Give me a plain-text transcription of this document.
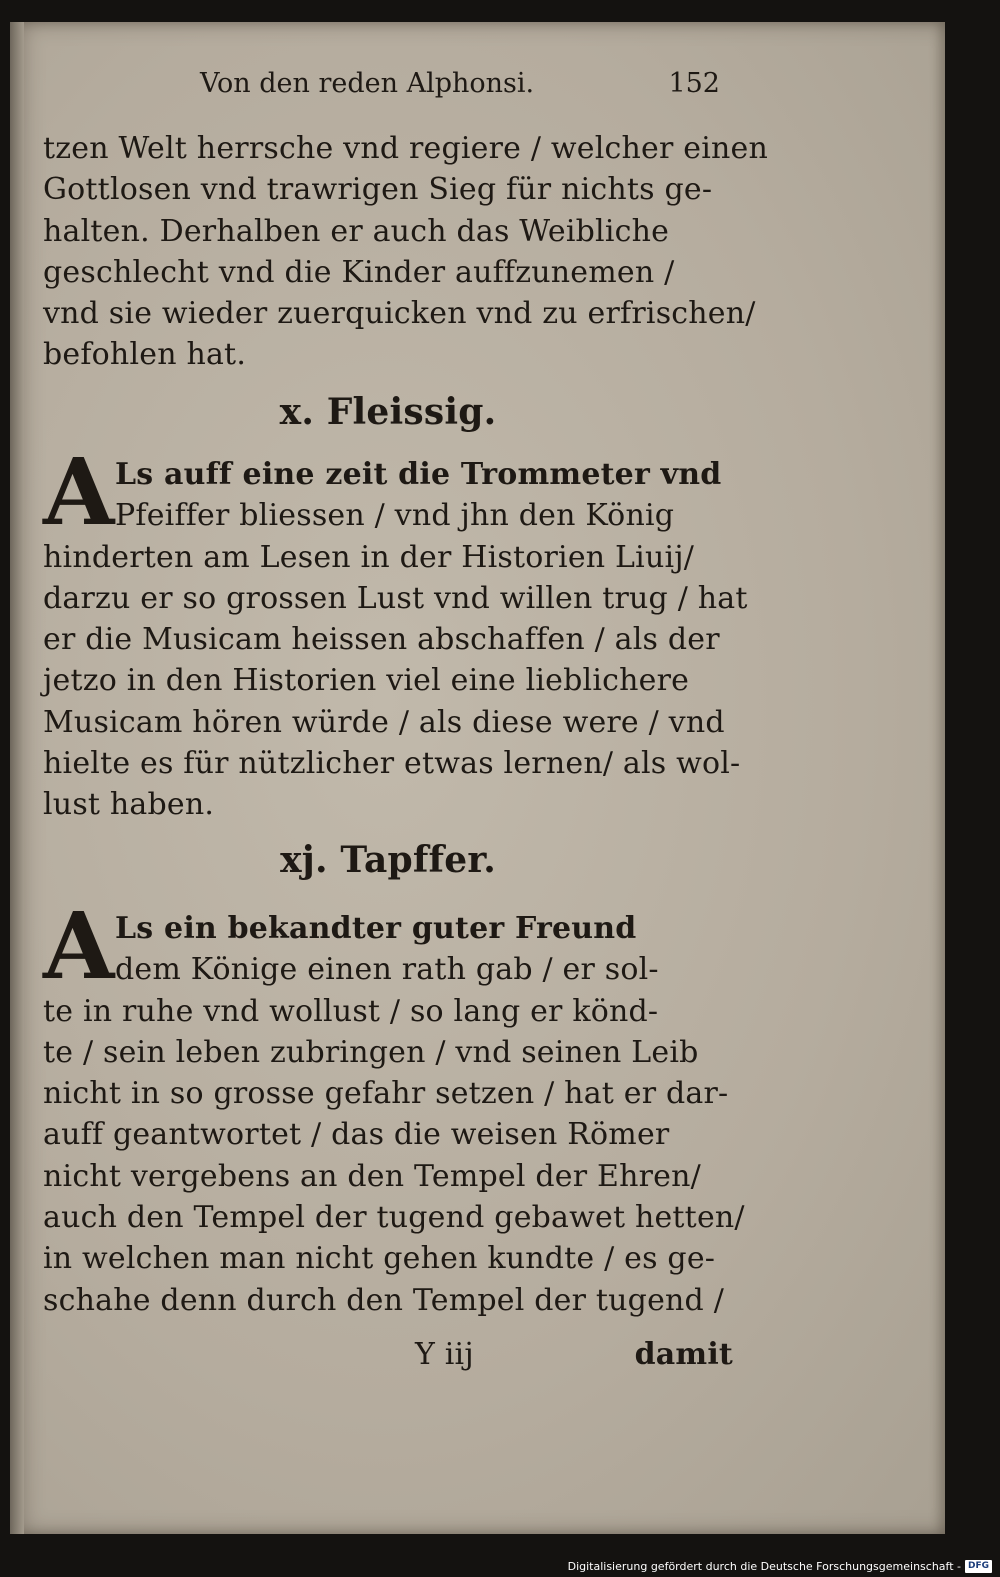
Von den reden Alphonsi.	152
tzen Welt herrsche vnd regiere / welcher einen
Gottlosen vnd trawrigen Sieg für nichts ge-
halten. Derhalben er auch das Weibliche
geschlecht vnd die Kinder auffzunemen /
vnd sie wieder zuerquicken vnd zu erfrischen/
befohlen hat.
x. Fleissig.
A Ls auff eine zeit die Trommeter vnd
Pfeiffer bliessen / vnd jhn den König
hinderten am Lesen in der Historien Liuij/
darzu er so grossen Lust vnd willen trug / hat
er die Musicam heissen abschaffen / als der
jetzo in den Historien viel eine lieblichere
Musicam hören würde / als diese were / vnd
hielte es für nützlicher etwas lernen/ als wol-
lust haben.
xj. Tapffer.
A Ls ein bekandter guter Freund
dem Könige einen rath gab / er sol-
te in ruhe vnd wollust / so lang er könd-
te / sein leben zubringen / vnd seinen Leib
nicht in so grosse gefahr setzen / hat er dar-
auff geantwortet / das die weisen Römer
nicht vergebens an den Tempel der Ehren/
auch den Tempel der tugend gebawet hetten/
in welchen man nicht gehen kundte / es ge-
schahe denn durch den Tempel der tugend /
Y iij	damit
Digitalisierung gefördert durch die Deutsche Forschungsgemeinschaft - DFG
